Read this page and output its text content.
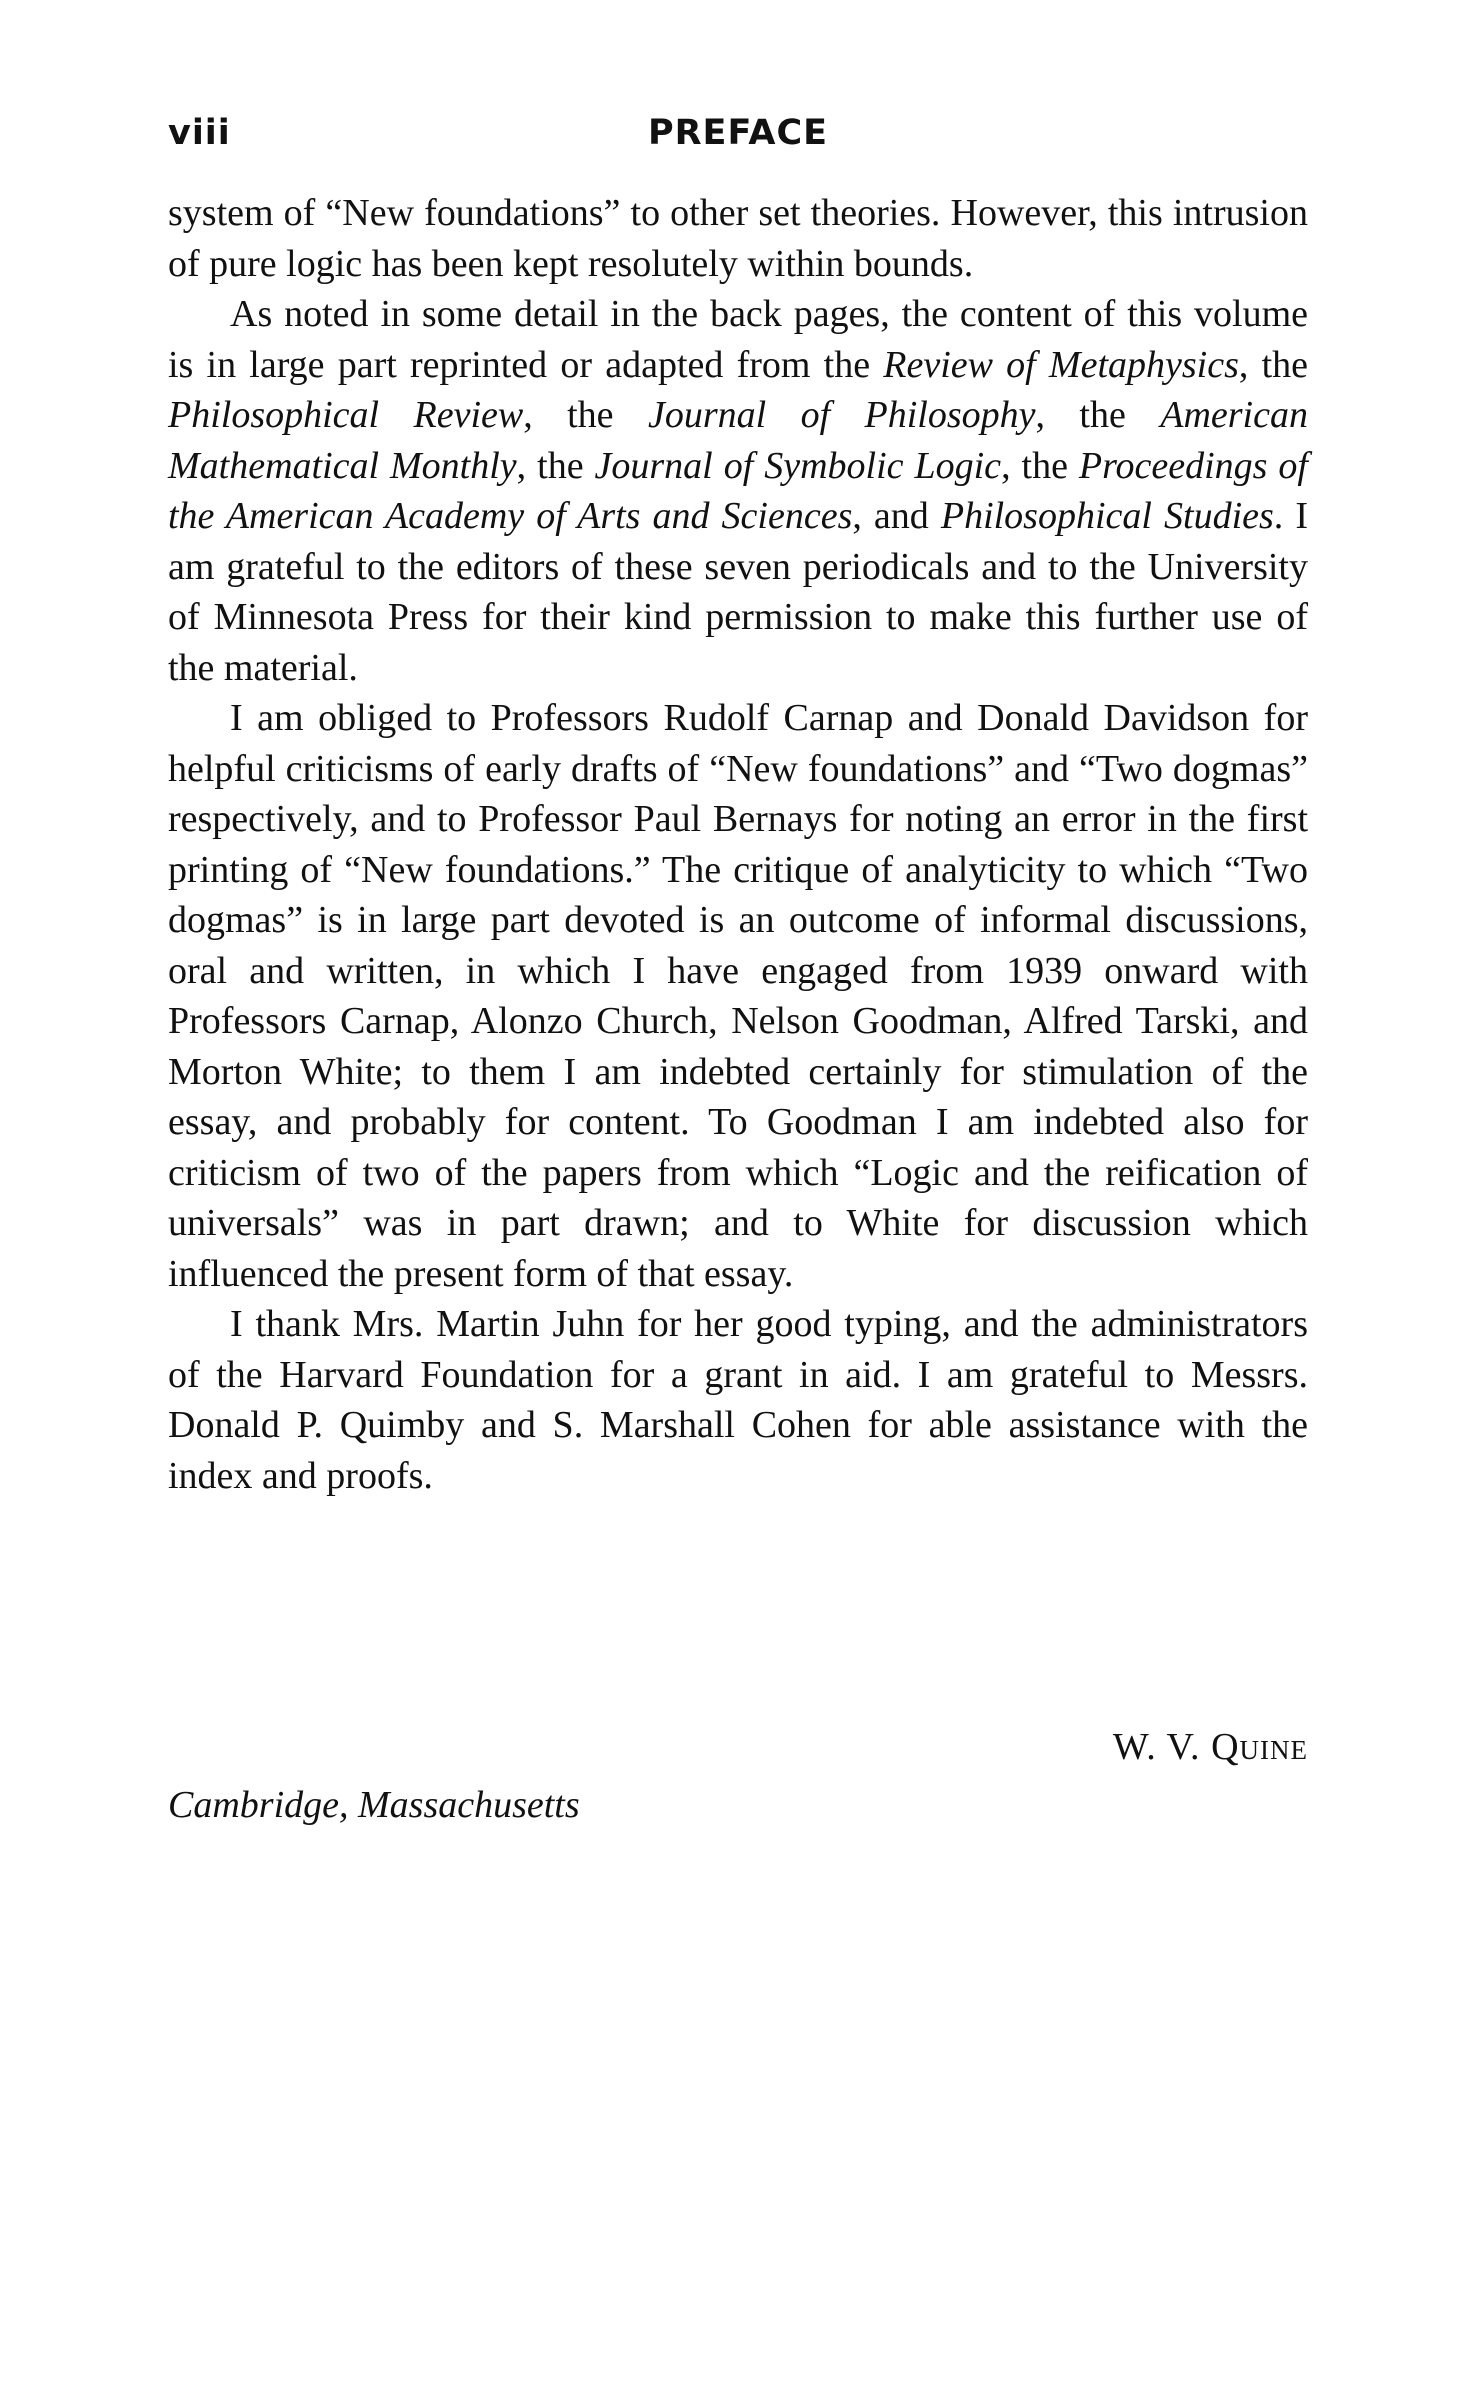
viii	PREFACE

system of “New foundations” to other set theories. However, this intrusion of pure logic has been kept resolutely within bounds.

As noted in some detail in the back pages, the content of this volume is in large part reprinted or adapted from the Review of Metaphysics, the Philosophical Review, the Journal of Philosophy, the American Mathematical Monthly, the Journal of Symbolic Logic, the Proceedings of the American Academy of Arts and Sciences, and Philosophical Studies. I am grateful to the editors of these seven periodicals and to the University of Minnesota Press for their kind permission to make this further use of the material.

I am obliged to Professors Rudolf Carnap and Donald Davidson for helpful criticisms of early drafts of “New foundations” and “Two dogmas” respectively, and to Professor Paul Bernays for noting an error in the first printing of “New foundations.” The critique of analyticity to which “Two dogmas” is in large part devoted is an outcome of informal discussions, oral and written, in which I have engaged from 1939 onward with Professors Carnap, Alonzo Church, Nelson Goodman, Alfred Tarski, and Morton White; to them I am indebted certainly for stimulation of the essay, and probably for content. To Goodman I am indebted also for criticism of two of the papers from which “Logic and the reification of universals” was in part drawn; and to White for discussion which influenced the present form of that essay.

I thank Mrs. Martin Juhn for her good typing, and the administrators of the Harvard Foundation for a grant in aid. I am grateful to Messrs. Donald P. Quimby and S. Marshall Cohen for able assistance with the index and proofs.

W. V. Quine
Cambridge, Massachusetts
